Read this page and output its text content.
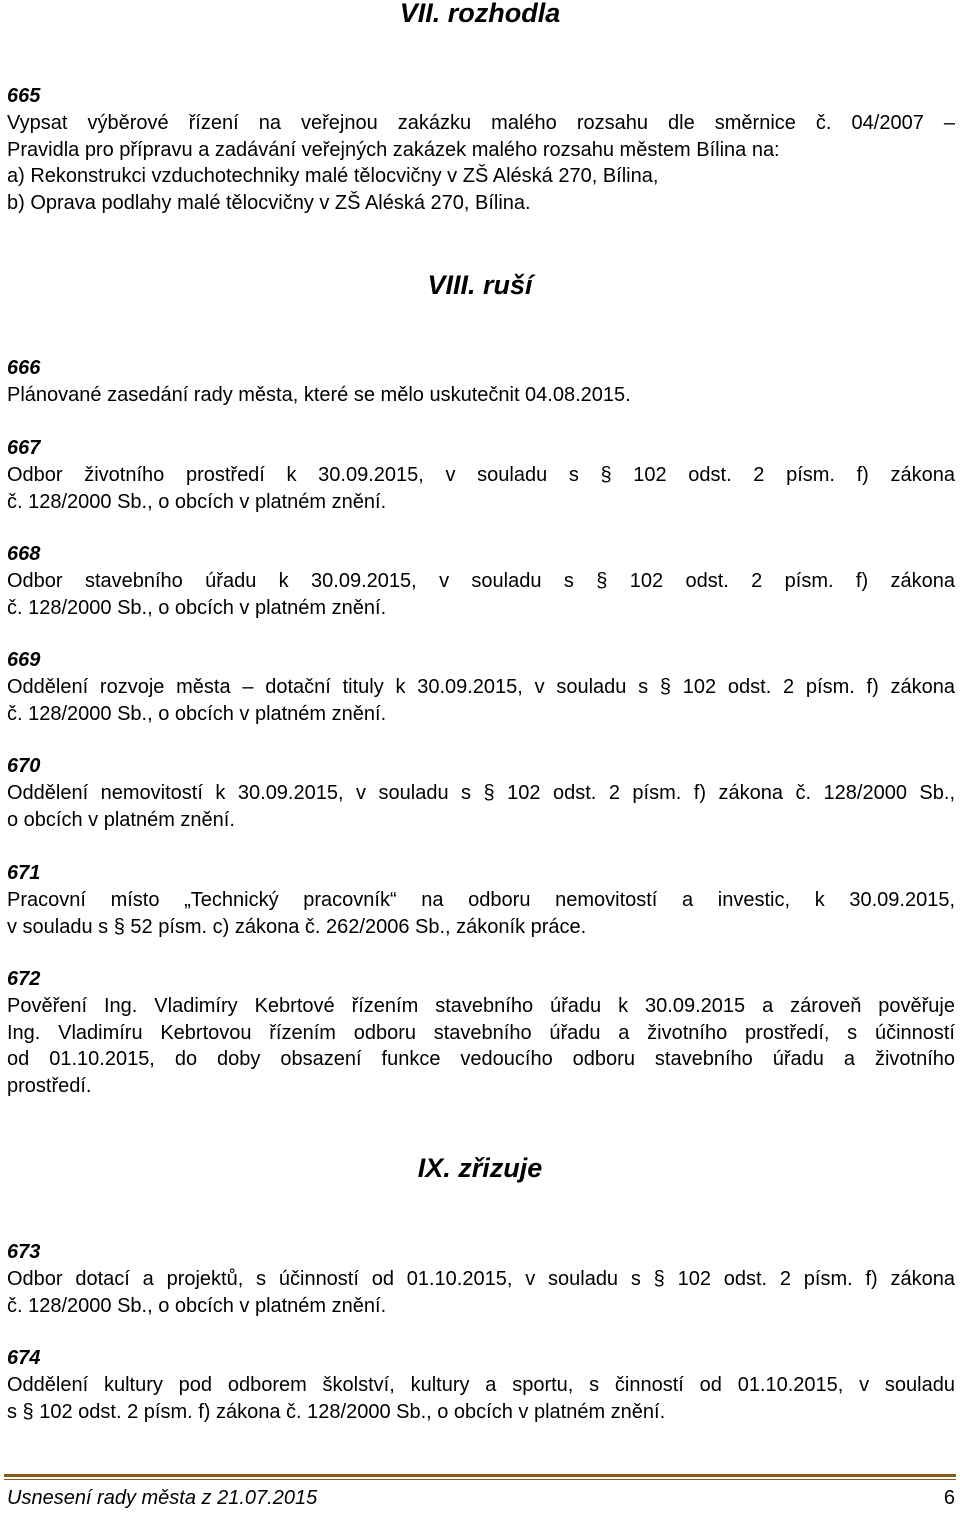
VII. rozhodla
665

Vypsat výběrové řízení na veřejnou zakázku malého rozsahu dle směrnice č. 04/2007 –

Pravidla pro přípravu a zadávání veřejných zakázek malého rozsahu městem Bílina na:

a) Rekonstrukci vzduchotechniky malé tělocvičny v ZŠ Aléská 270, Bílina,

b) Oprava podlahy malé tělocvičny v ZŠ Aléská 270, Bílina.

VIII. ruší
666

Plánované zasedání rady města, které se mělo uskutečnit 04.08.2015.

667

Odbor životního prostředí k 30.09.2015, v souladu s § 102 odst. 2 písm. f) zákona

č. 128/2000 Sb., o obcích v platném znění.

668

Odbor stavebního úřadu k 30.09.2015, v souladu s § 102 odst. 2 písm. f) zákona

č. 128/2000 Sb., o obcích v platném znění.

669

Oddělení rozvoje města – dotační tituly k 30.09.2015, v souladu s § 102 odst. 2 písm. f) zákona

č. 128/2000 Sb., o obcích v platném znění.

670

Oddělení nemovitostí k 30.09.2015, v souladu s § 102 odst. 2 písm. f) zákona č. 128/2000 Sb.,

o obcích v platném znění.

671

Pracovní místo „Technický pracovník“ na odboru nemovitostí a investic, k 30.09.2015,

v souladu s § 52 písm. c) zákona č. 262/2006 Sb., zákoník práce.

672

Pověření Ing. Vladimíry Kebrtové řízením stavebního úřadu k 30.09.2015 a zároveň pověřuje

Ing. Vladimíru Kebrtovou řízením odboru stavebního úřadu a životního prostředí, s účinností

od 01.10.2015, do doby obsazení funkce vedoucího odboru stavebního úřadu a životního

prostředí.

IX. zřizuje
673

Odbor dotací a projektů, s účinností od 01.10.2015, v souladu s § 102 odst. 2 písm. f) zákona

č. 128/2000 Sb., o obcích v platném znění.

674

Oddělení kultury pod odborem školství, kultury a sportu, s činností od 01.10.2015, v souladu

s § 102 odst. 2 písm. f) zákona č. 128/2000 Sb., o obcích v platném znění.

Usnesení rady města z 21.07.2015	6
